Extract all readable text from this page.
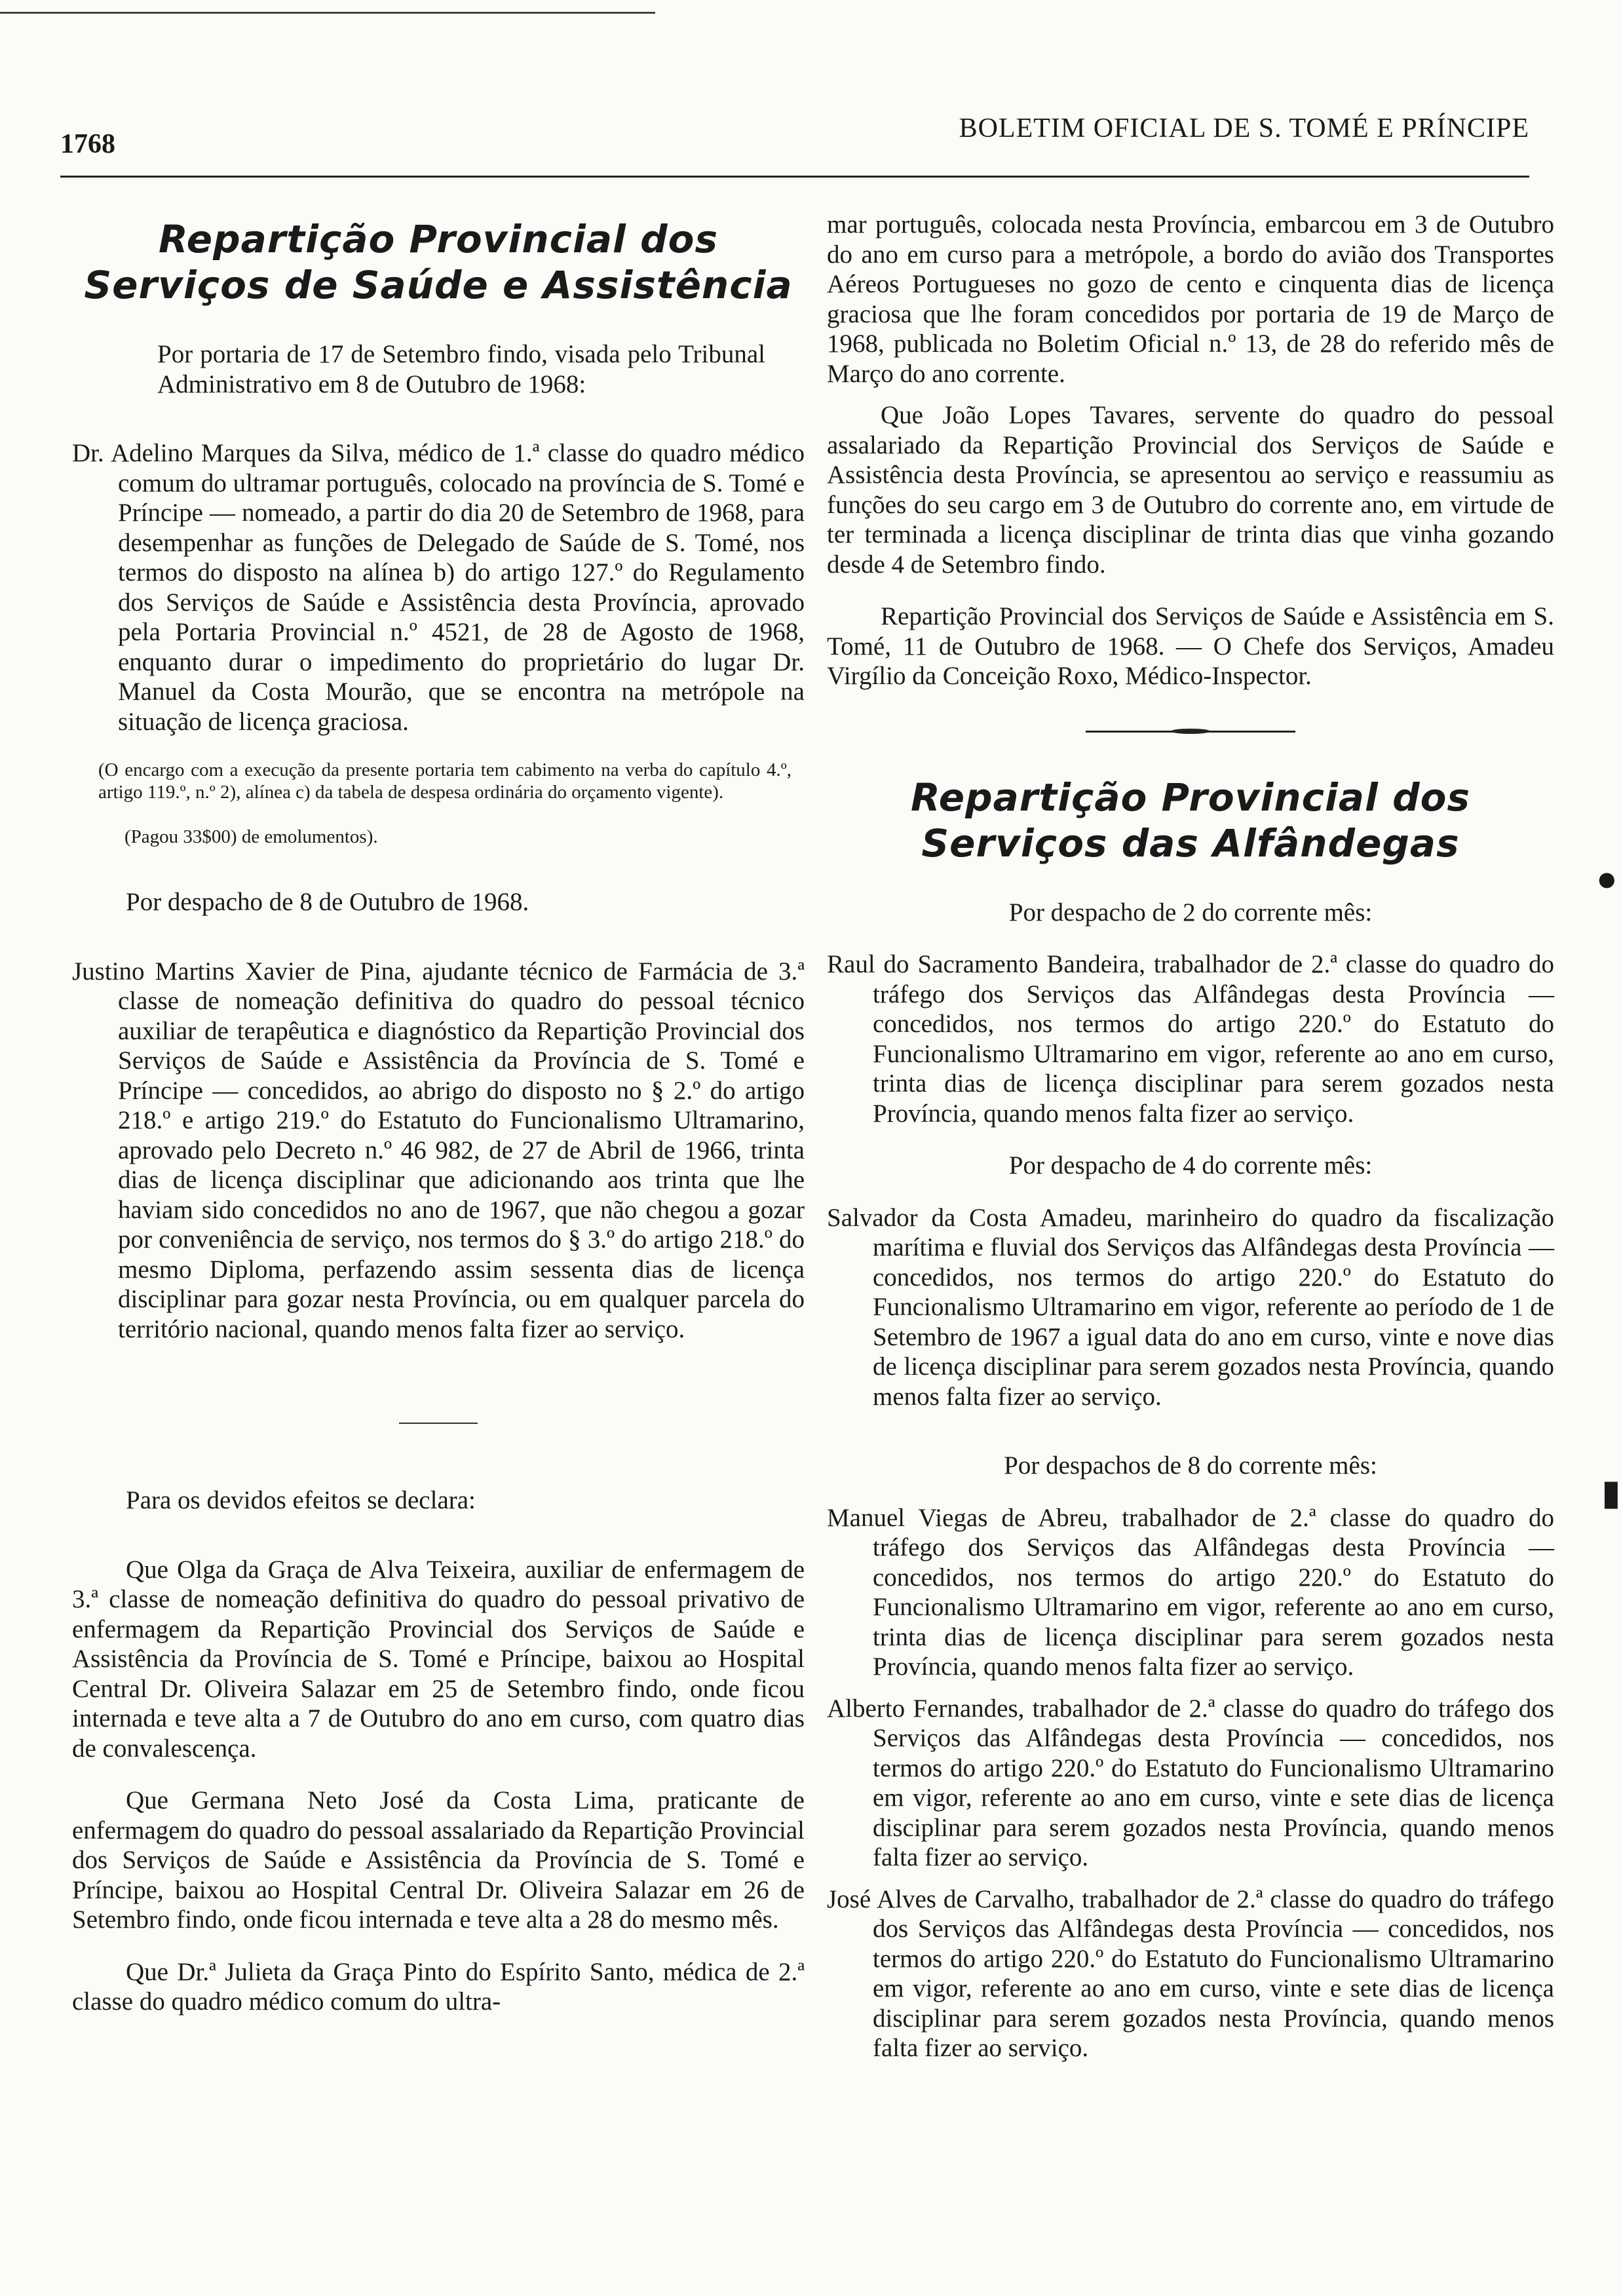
1768
BOLETIM OFICIAL DE S. TOMÉ E PRÍNCIPE
Repartição Provincial dos Serviços de Saúde e Assistência

Por portaria de 17 de Setembro findo, visada pelo Tribunal Administrativo em 8 de Outubro de 1968:

Dr. Adelino Marques da Silva, médico de 1.ª classe do quadro médico comum do ultramar português, colocado na província de S. Tomé e Príncipe — nomeado, a partir do dia 20 de Setembro de 1968, para desempenhar as funções de Delegado de Saúde de S. Tomé, nos termos do disposto na alínea b) do artigo 127.º do Regulamento dos Serviços de Saúde e Assistência desta Província, aprovado pela Portaria Provincial n.º 4521, de 28 de Agosto de 1968, enquanto durar o impedimento do proprietário do lugar Dr. Manuel da Costa Mourão, que se encontra na metrópole na situação de licença graciosa.

(O encargo com a execução da presente portaria tem cabimento na verba do capítulo 4.º, artigo 119.º, n.º 2), alínea c) da tabela de despesa ordinária do orçamento vigente).

(Pagou 33$00) de emolumentos).

Por despacho de 8 de Outubro de 1968.

Justino Martins Xavier de Pina, ajudante técnico de Farmácia de 3.ª classe de nomeação definitiva do quadro do pessoal técnico auxiliar de terapêutica e diagnóstico da Repartição Provincial dos Serviços de Saúde e Assistência da Província de S. Tomé e Príncipe — concedidos, ao abrigo do disposto no § 2.º do artigo 218.º e artigo 219.º do Estatuto do Funcionalismo Ultramarino, aprovado pelo Decreto n.º 46 982, de 27 de Abril de 1966, trinta dias de licença disciplinar que adicionando aos trinta que lhe haviam sido concedidos no ano de 1967, que não chegou a gozar por conveniência de serviço, nos termos do § 3.º do artigo 218.º do mesmo Diploma, perfazendo assim sessenta dias de licença disciplinar para gozar nesta Província, ou em qualquer parcela do território nacional, quando menos falta fizer ao serviço.

Para os devidos efeitos se declara:

Que Olga da Graça de Alva Teixeira, auxiliar de enfermagem de 3.ª classe de nomeação definitiva do quadro do pessoal privativo de enfermagem da Repartição Provincial dos Serviços de Saúde e Assistência da Província de S. Tomé e Príncipe, baixou ao Hospital Central Dr. Oliveira Salazar em 25 de Setembro findo, onde ficou internada e teve alta a 7 de Outubro do ano em curso, com quatro dias de convalescença.

Que Germana Neto José da Costa Lima, praticante de enfermagem do quadro do pessoal assalariado da Repartição Provincial dos Serviços de Saúde e Assistência da Província de S. Tomé e Príncipe, baixou ao Hospital Central Dr. Oliveira Salazar em 26 de Setembro findo, onde ficou internada e teve alta a 28 do mesmo mês.

Que Dr.ª Julieta da Graça Pinto do Espírito Santo, médica de 2.ª classe do quadro médico comum do ultra-

mar português, colocada nesta Província, embarcou em 3 de Outubro do ano em curso para a metrópole, a bordo do avião dos Transportes Aéreos Portugueses no gozo de cento e cinquenta dias de licença graciosa que lhe foram concedidos por portaria de 19 de Março de 1968, publicada no Boletim Oficial n.º 13, de 28 do referido mês de Março do ano corrente.

Que João Lopes Tavares, servente do quadro do pessoal assalariado da Repartição Provincial dos Serviços de Saúde e Assistência desta Província, se apresentou ao serviço e reassumiu as funções do seu cargo em 3 de Outubro do corrente ano, em virtude de ter terminada a licença disciplinar de trinta dias que vinha gozando desde 4 de Setembro findo.

Repartição Provincial dos Serviços de Saúde e Assistência em S. Tomé, 11 de Outubro de 1968. — O Chefe dos Serviços, Amadeu Virgílio da Conceição Roxo, Médico-Inspector.

Repartição Provincial dos Serviços das Alfândegas

Por despacho de 2 do corrente mês:

Raul do Sacramento Bandeira, trabalhador de 2.ª classe do quadro do tráfego dos Serviços das Alfândegas desta Província — concedidos, nos termos do artigo 220.º do Estatuto do Funcionalismo Ultramarino em vigor, referente ao ano em curso, trinta dias de licença disciplinar para serem gozados nesta Província, quando menos falta fizer ao serviço.

Por despacho de 4 do corrente mês:

Salvador da Costa Amadeu, marinheiro do quadro da fiscalização marítima e fluvial dos Serviços das Alfândegas desta Província — concedidos, nos termos do artigo 220.º do Estatuto do Funcionalismo Ultramarino em vigor, referente ao período de 1 de Setembro de 1967 a igual data do ano em curso, vinte e nove dias de licença disciplinar para serem gozados nesta Província, quando menos falta fizer ao serviço.

Por despachos de 8 do corrente mês:

Manuel Viegas de Abreu, trabalhador de 2.ª classe do quadro do tráfego dos Serviços das Alfândegas desta Província — concedidos, nos termos do artigo 220.º do Estatuto do Funcionalismo Ultramarino em vigor, referente ao ano em curso, trinta dias de licença disciplinar para serem gozados nesta Província, quando menos falta fizer ao serviço.

Alberto Fernandes, trabalhador de 2.ª classe do quadro do tráfego dos Serviços das Alfândegas desta Província — concedidos, nos termos do artigo 220.º do Estatuto do Funcionalismo Ultramarino em vigor, referente ao ano em curso, vinte e sete dias de licença disciplinar para serem gozados nesta Província, quando menos falta fizer ao serviço.

José Alves de Carvalho, trabalhador de 2.ª classe do quadro do tráfego dos Serviços das Alfândegas desta Província — concedidos, nos termos do artigo 220.º do Estatuto do Funcionalismo Ultramarino em vigor, referente ao ano em curso, vinte e sete dias de licença disciplinar para serem gozados nesta Província, quando menos falta fizer ao serviço.

●
▮
